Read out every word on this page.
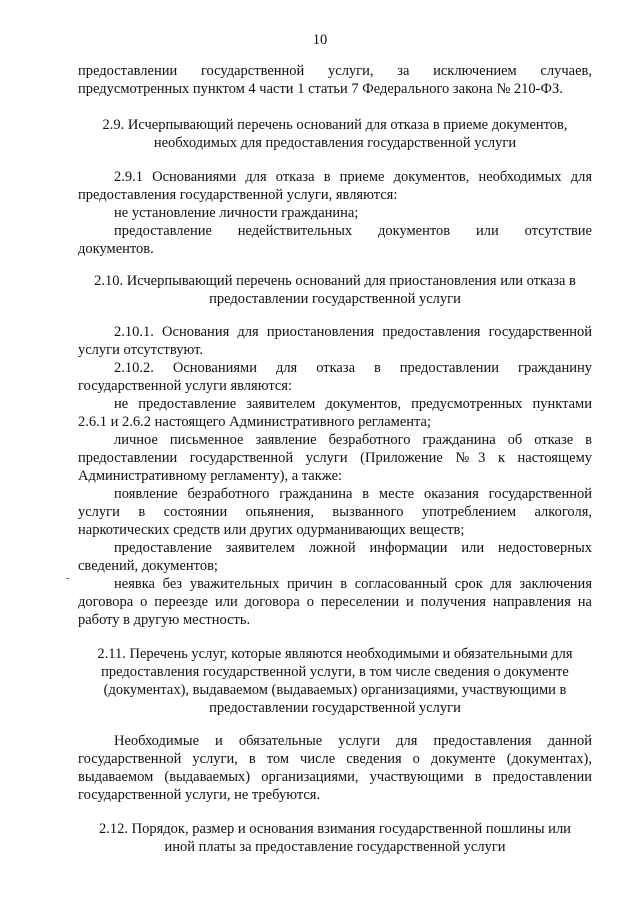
10
предоставлении государственной услуги, за исключением случаев,
предусмотренных пунктом 4 части 1 статьи 7 Федерального закона № 210-ФЗ.
2.9. Исчерпывающий перечень оснований для отказа в приеме документов,
необходимых для предоставления государственной услуги
2.9.1 Основаниями для отказа в приеме документов, необходимых для
предоставления государственной услуги, являются:
не установление личности гражданина;
предоставление недействительных документов или отсутствие
документов.
2.10. Исчерпывающий перечень оснований для приостановления или отказа в
предоставлении государственной услуги
2.10.1. Основания для приостановления предоставления государственной
услуги отсутствуют.
2.10.2. Основаниями для отказа в предоставлении гражданину
государственной услуги являются:
не предоставление заявителем документов, предусмотренных пунктами
2.6.1 и 2.6.2 настоящего Административного регламента;
личное письменное заявление безработного гражданина об отказе в
предоставлении государственной услуги (Приложение №3 к настоящему
Административному регламенту), а также:
появление безработного гражданина в месте оказания государственной
услуги в состоянии опьянения, вызванного употреблением алкоголя,
наркотических средств или других одурманивающих веществ;
предоставление заявителем ложной информации или недостоверных
сведений, документов;
неявка без уважительных причин в согласованный срок для заключения
договора о переезде или договора о переселении и получения направления на
работу в другую местность.
2.11. Перечень услуг, которые являются необходимыми и обязательными для
предоставления государственной услуги, в том числе сведения о документе
(документах), выдаваемом (выдаваемых) организациями, участвующими в
предоставлении государственной услуги
Необходимые и обязательные услуги для предоставления данной
государственной услуги, в том числе сведения о документе (документах),
выдаваемом (выдаваемых) организациями, участвующими в предоставлении
государственной услуги, не требуются.
2.12. Порядок, размер и основания взимания государственной пошлины или
иной платы за предоставление государственной услуги
